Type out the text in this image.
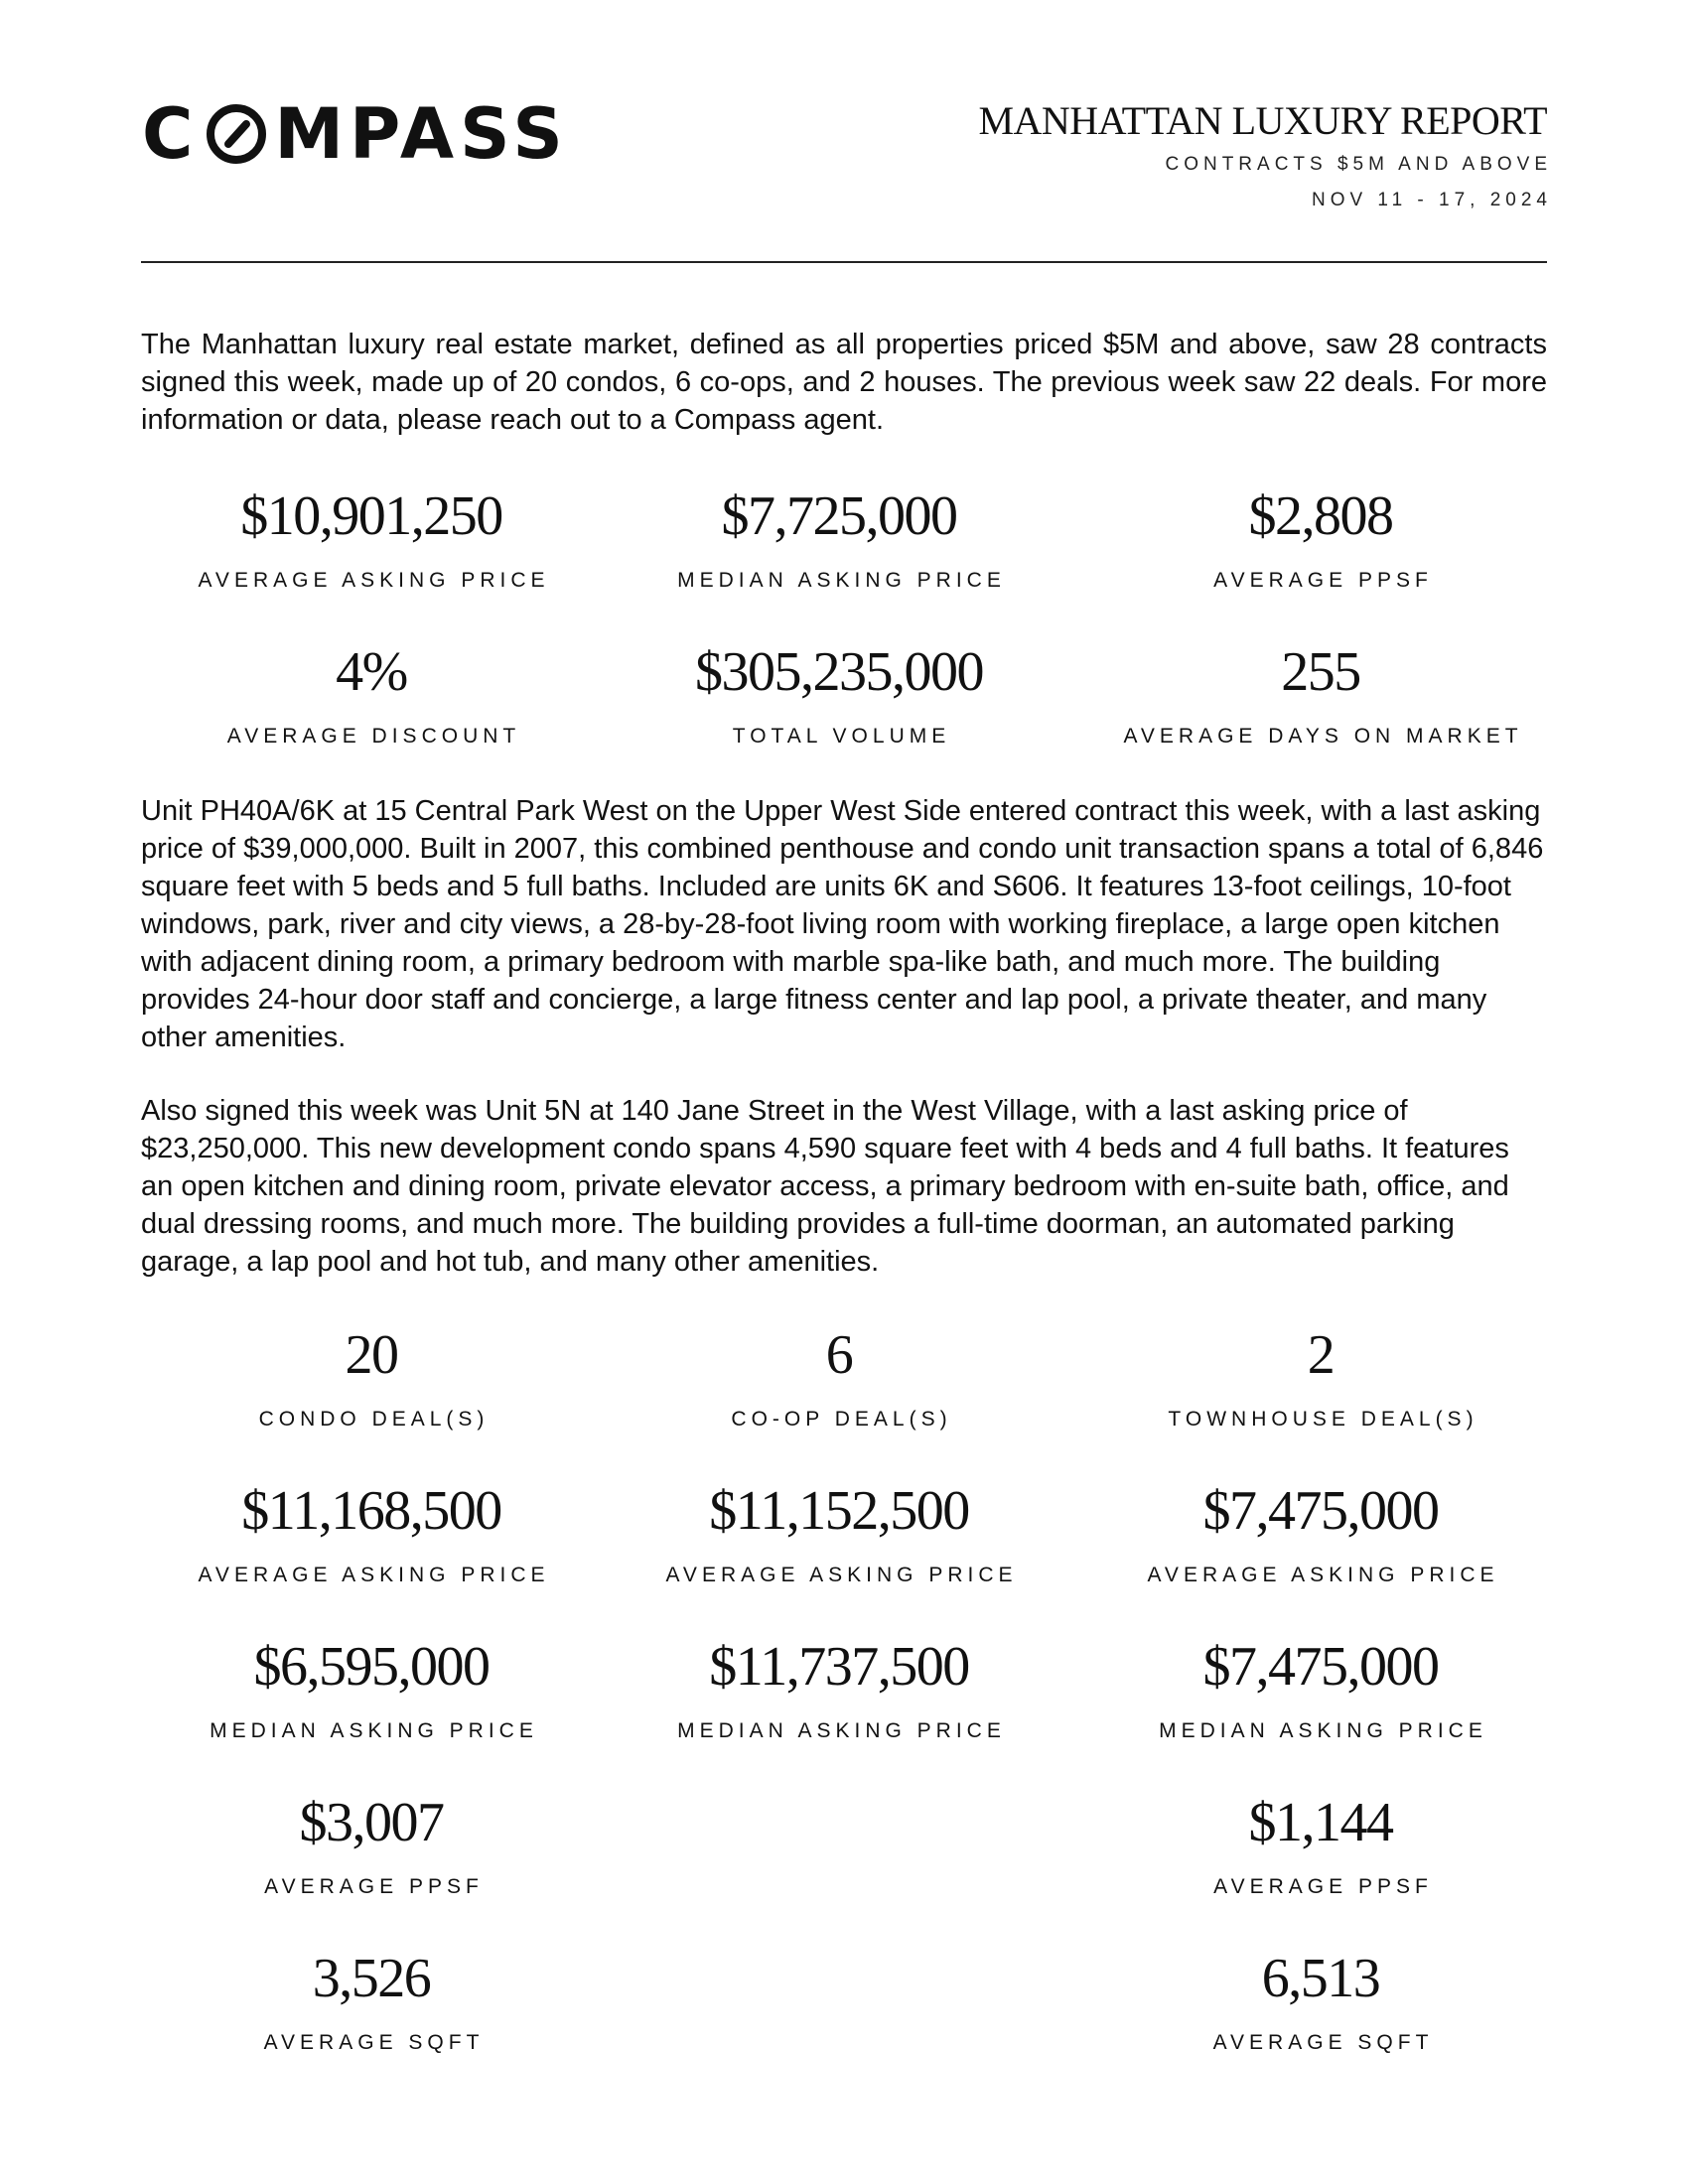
C MPASS	MANHATTAN LUXURY REPORT
CONTRACTS $5M AND ABOVE
NOV 11 - 17, 2024

The Manhattan luxury real estate market, defined as all properties priced $5M and above, saw 28 contracts signed this week, made up of 20 condos, 6 co-ops, and 2 houses. The previous week saw 22 deals. For more information or data, please reach out to a Compass agent.

$10,901,250
AVERAGE ASKING PRICE
$7,725,000
MEDIAN ASKING PRICE
$2,808
AVERAGE PPSF
4%
AVERAGE DISCOUNT
$305,235,000
TOTAL VOLUME
255
AVERAGE DAYS ON MARKET

Unit PH40A/6K at 15 Central Park West on the Upper West Side entered contract this week, with a last asking price of $39,000,000. Built in 2007, this combined penthouse and condo unit transaction spans a total of 6,846 square feet with 5 beds and 5 full baths. Included are units 6K and S606. It features 13-foot ceilings, 10-foot windows, park, river and city views, a 28-by-28-foot living room with working fireplace, a large open kitchen with adjacent dining room, a primary bedroom with marble spa-like bath, and much more. The building provides 24-hour door staff and concierge, a large fitness center and lap pool, a private theater, and many other amenities.

Also signed this week was Unit 5N at 140 Jane Street in the West Village, with a last asking price of $23,250,000. This new development condo spans 4,590 square feet with 4 beds and 4 full baths. It features an open kitchen and dining room, private elevator access, a primary bedroom with en-suite bath, office, and dual dressing rooms, and much more. The building provides a full-time doorman, an automated parking garage, a lap pool and hot tub, and many other amenities.

20
CONDO DEAL(S)
$11,168,500
AVERAGE ASKING PRICE
$6,595,000
MEDIAN ASKING PRICE
$3,007
AVERAGE PPSF
3,526
AVERAGE SQFT
6
CO-OP DEAL(S)
$11,152,500
AVERAGE ASKING PRICE
$11,737,500
MEDIAN ASKING PRICE
2
TOWNHOUSE DEAL(S)
$7,475,000
AVERAGE ASKING PRICE
$7,475,000
MEDIAN ASKING PRICE
$1,144
AVERAGE PPSF
6,513
AVERAGE SQFT
